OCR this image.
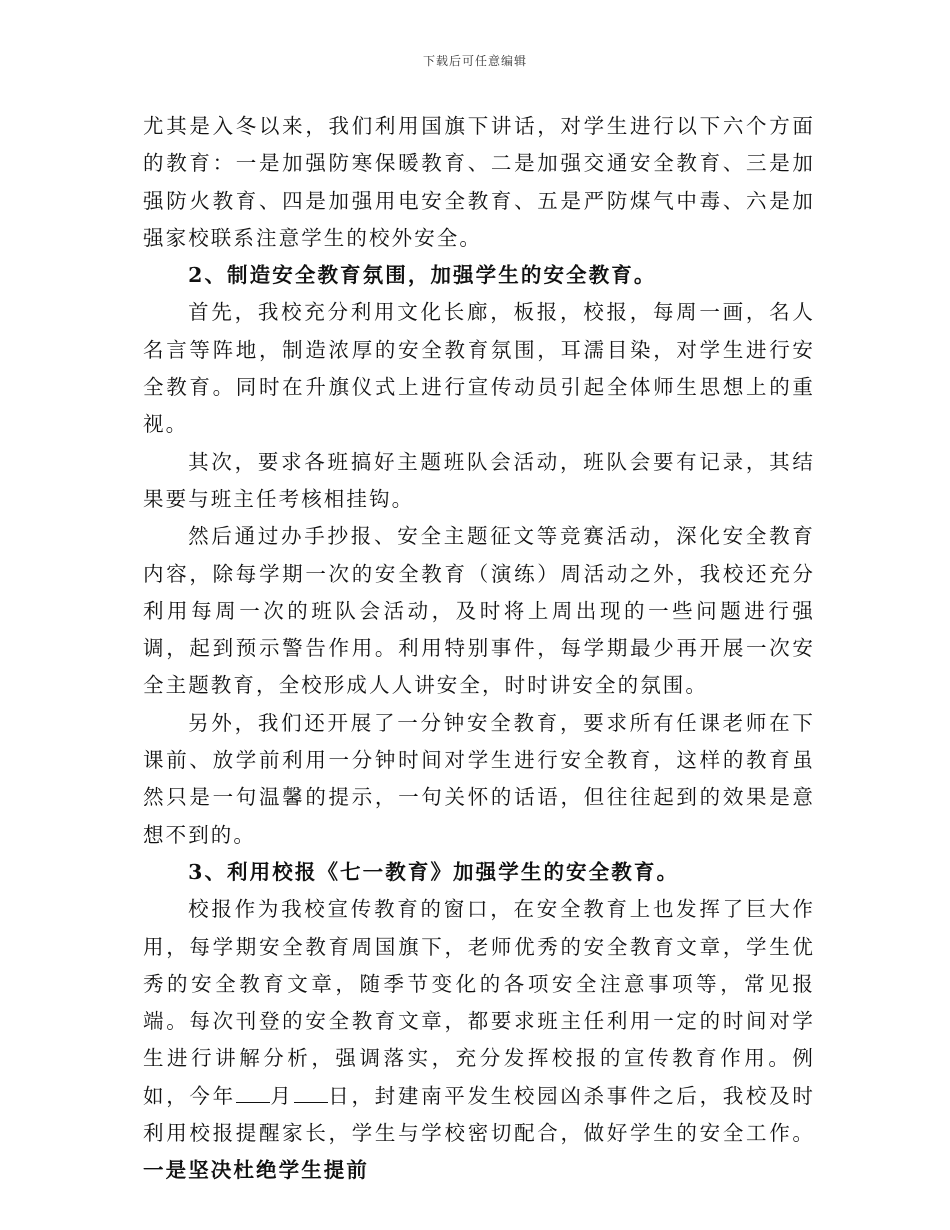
下载后可任意编辑

尤其是入冬以来，我们利用国旗下讲话，对学生进行以下六个方面的教育：一是加强防寒保暖教育、二是加强交通安全教育、三是加强防火教育、四是加强用电安全教育、五是严防煤气中毒、六是加强家校联系注意学生的校外安全。

2、制造安全教育氛围，加强学生的安全教育。

首先，我校充分利用文化长廊，板报，校报，每周一画，名人名言等阵地，制造浓厚的安全教育氛围，耳濡目染，对学生进行安全教育。同时在升旗仪式上进行宣传动员引起全体师生思想上的重视。

其次，要求各班搞好主题班队会活动，班队会要有记录，其结果要与班主任考核相挂钩。

然后通过办手抄报、安全主题征文等竞赛活动，深化安全教育内容，除每学期一次的安全教育（演练）周活动之外，我校还充分利用每周一次的班队会活动，及时将上周出现的一些问题进行强调，起到预示警告作用。利用特别事件，每学期最少再开展一次安全主题教育，全校形成人人讲安全，时时讲安全的氛围。

另外，我们还开展了一分钟安全教育，要求所有任课老师在下课前、放学前利用一分钟时间对学生进行安全教育，这样的教育虽然只是一句温馨的提示，一句关怀的话语，但往往起到的效果是意想不到的。

3、利用校报《七一教育》加强学生的安全教育。

校报作为我校宣传教育的窗口，在安全教育上也发挥了巨大作用，每学期安全教育周国旗下，老师优秀的安全教育文章，学生优秀的安全教育文章，随季节变化的各项安全注意事项等，常见报端。每次刊登的安全教育文章，都要求班主任利用一定的时间对学生进行讲解分析，强调落实，充分发挥校报的宣传教育作用。例如，今年 月 日，封建南平发生校园凶杀事件之后，我校及时利用校报提醒家长，学生与学校密切配合，做好学生的安全工作。一是坚决杜绝学生提前
